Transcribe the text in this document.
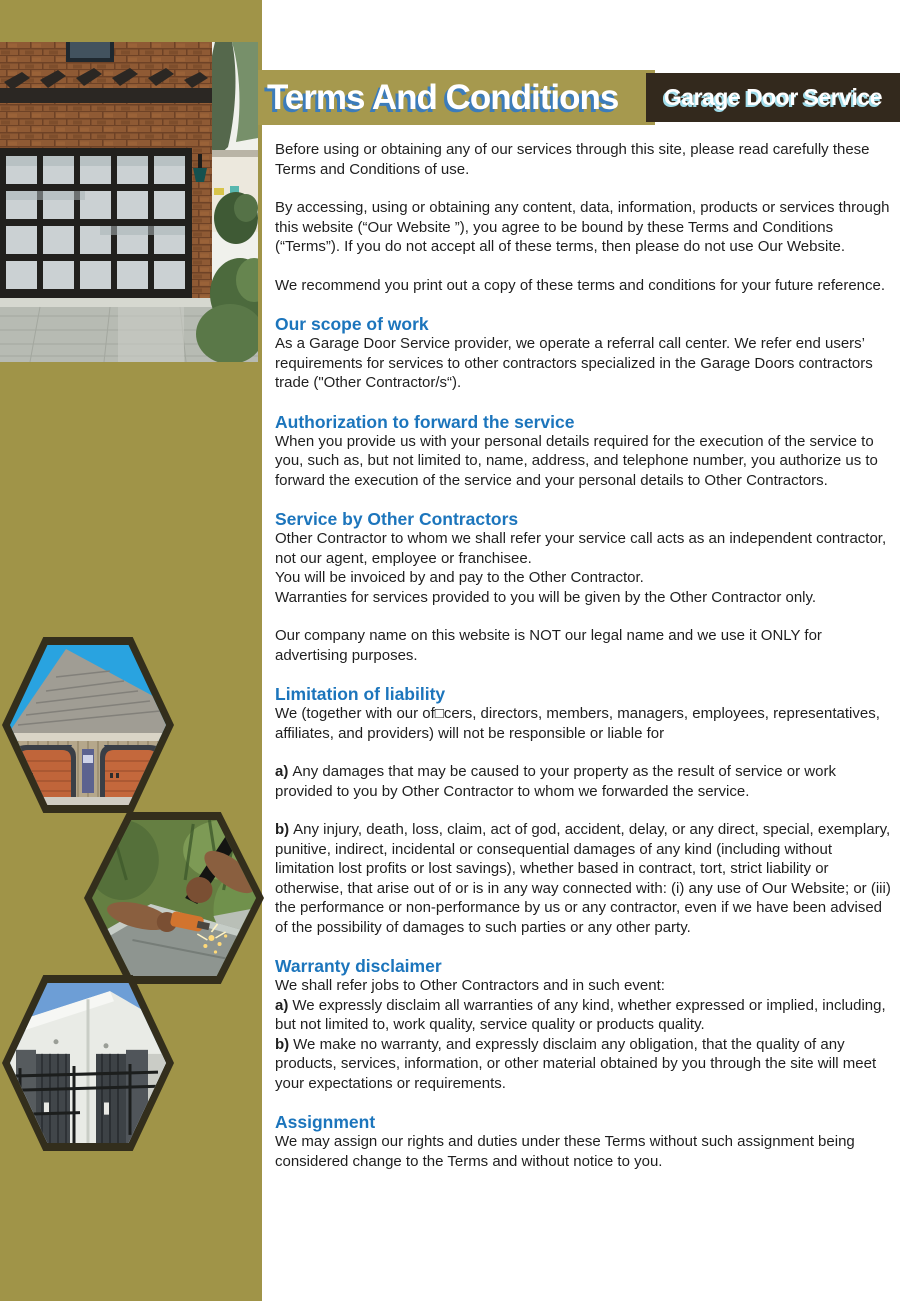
Terms And Conditions Garage Door Service

Before using or obtaining any of our services through this site, please read carefully these Terms and Conditions of use.

By accessing, using or obtaining any content, data, information, products or services through this website (“Our Website ”), you agree to be bound by these Terms and Conditions (“Terms”). If you do not accept all of these terms, then please do not use Our Website.

We recommend you print out a copy of these terms and conditions for your future reference.

Our scope of work

As a Garage Door Service provider, we operate a referral call center. We refer end users’ requirements for services to other contractors specialized in the Garage Doors contractors trade ("Other Contractor/s“).

Authorization to forward the service

When you provide us with your personal details required for the execution of the service to you, such as, but not limited to, name, address, and telephone number, you authorize us to forward the execution of the service and your personal details to Other Contractors.

Service by Other Contractors

Other Contractor to whom we shall refer your service call acts as an independent contractor, not our agent, employee or franchisee.

You will be invoiced by and pay to the Other Contractor.

Warranties for services provided to you will be given by the Other Contractor only.

Our company name on this website is NOT our legal name and we use it ONLY for advertising purposes.

Limitation of liability

We (together with our of□cers, directors, members, managers, employees, representatives, affiliates, and providers) will not be responsible or liable for

a) Any damages that may be caused to your property as the result of service or work provided to you by Other Contractor to whom we forwarded the service.

b) Any injury, death, loss, claim, act of god, accident, delay, or any direct, special, exemplary, punitive, indirect, incidental or consequential damages of any kind (including without limitation lost profits or lost savings), whether based in contract, tort, strict liability or otherwise, that arise out of or is in any way connected with: (i) any use of Our Website; or (iii) the performance or non-performance by us or any contractor, even if we have been advised of the possibility of damages to such parties or any other party.

Warranty disclaimer

We shall refer jobs to Other Contractors and in such event:

a) We expressly disclaim all warranties of any kind, whether expressed or implied, including, but not limited to, work quality, service quality or products quality.

b) We make no warranty, and expressly disclaim any obligation, that the quality of any products, services, information, or other material obtained by you through the site will meet your expectations or requirements.

Assignment

We may assign our rights and duties under these Terms without such assignment being considered change to the Terms and without notice to you.
